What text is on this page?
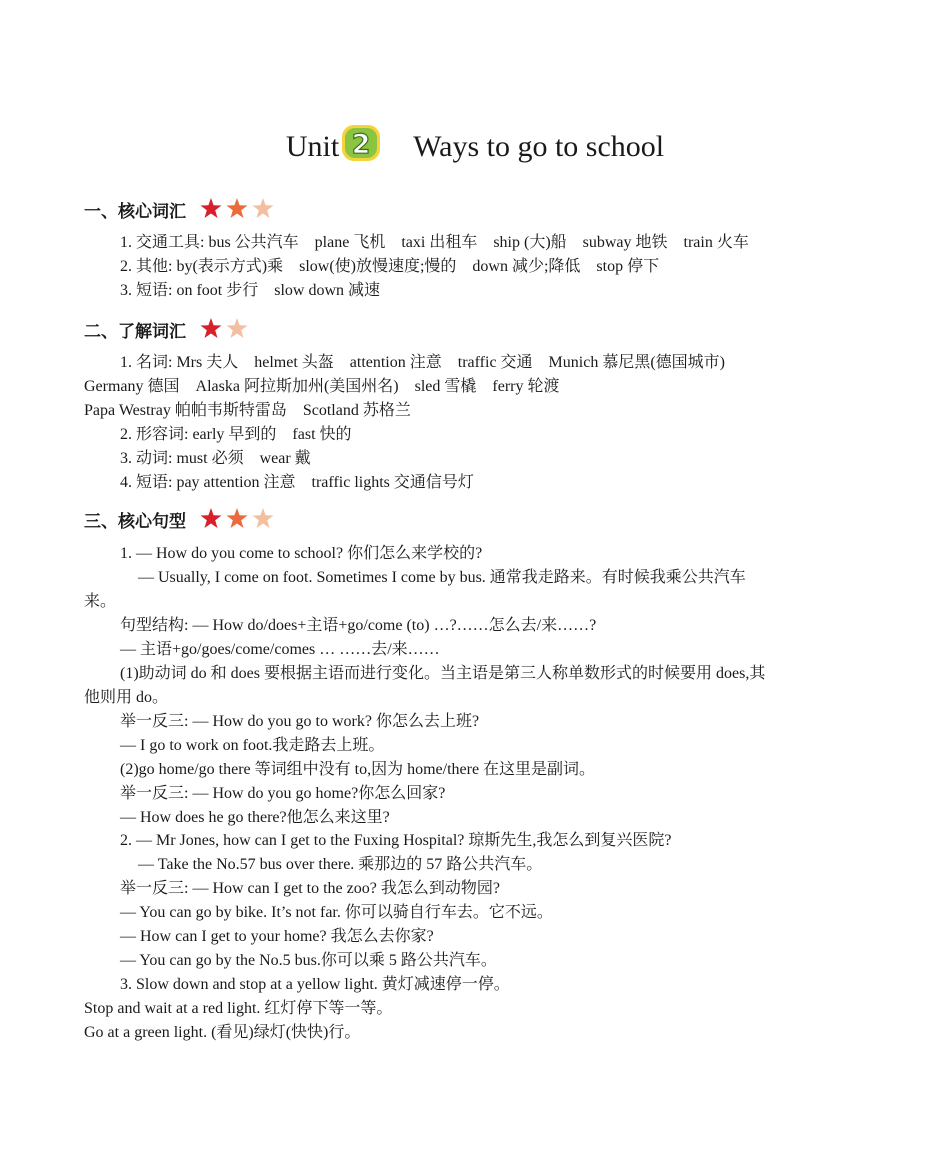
Unit 2 Ways to go to school
一、核心词汇
1. 交通工具: bus 公共汽车　plane 飞机　taxi 出租车　ship (大)船　subway 地铁　train 火车
2. 其他: by(表示方式)乘　slow(使)放慢速度;慢的　down 减少;降低　stop 停下
3. 短语: on foot 步行　slow down 减速
二、了解词汇
1. 名词: Mrs 夫人　helmet 头盔　attention 注意　traffic 交通　Munich 慕尼黑(德国城市)
Germany 德国　Alaska 阿拉斯加州(美国州名)　sled 雪橇　ferry 轮渡
Papa Westray 帕帕韦斯特雷岛　Scotland 苏格兰
2. 形容词: early 早到的　fast 快的
3. 动词: must 必须　wear 戴
4. 短语: pay attention 注意　traffic lights 交通信号灯
三、核心句型
1. — How do you come to school? 你们怎么来学校的?
— Usually, I come on foot. Sometimes I come by bus. 通常我走路来。有时候我乘公共汽车
来。
句型结构: — How do/does+主语+go/come (to) …?……怎么去/来……?
— 主语+go/goes/come/comes … ……去/来……
(1)助动词 do 和 does 要根据主语而进行变化。当主语是第三人称单数形式的时候要用 does,其
他则用 do。
举一反三: — How do you go to work? 你怎么去上班?
— I go to work on foot.我走路去上班。
(2)go home/go there 等词组中没有 to,因为 home/there 在这里是副词。
举一反三: — How do you go home?你怎么回家?
— How does he go there?他怎么来这里?
2. — Mr Jones, how can I get to the Fuxing Hospital? 琼斯先生,我怎么到复兴医院?
— Take the No.57 bus over there. 乘那边的 57 路公共汽车。
举一反三: — How can I get to the zoo? 我怎么到动物园?
— You can go by bike. It’s not far. 你可以骑自行车去。它不远。
— How can I get to your home? 我怎么去你家?
— You can go by the No.5 bus.你可以乘 5 路公共汽车。
3. Slow down and stop at a yellow light. 黄灯减速停一停。
Stop and wait at a red light. 红灯停下等一等。
Go at a green light. (看见)绿灯(快快)行。
